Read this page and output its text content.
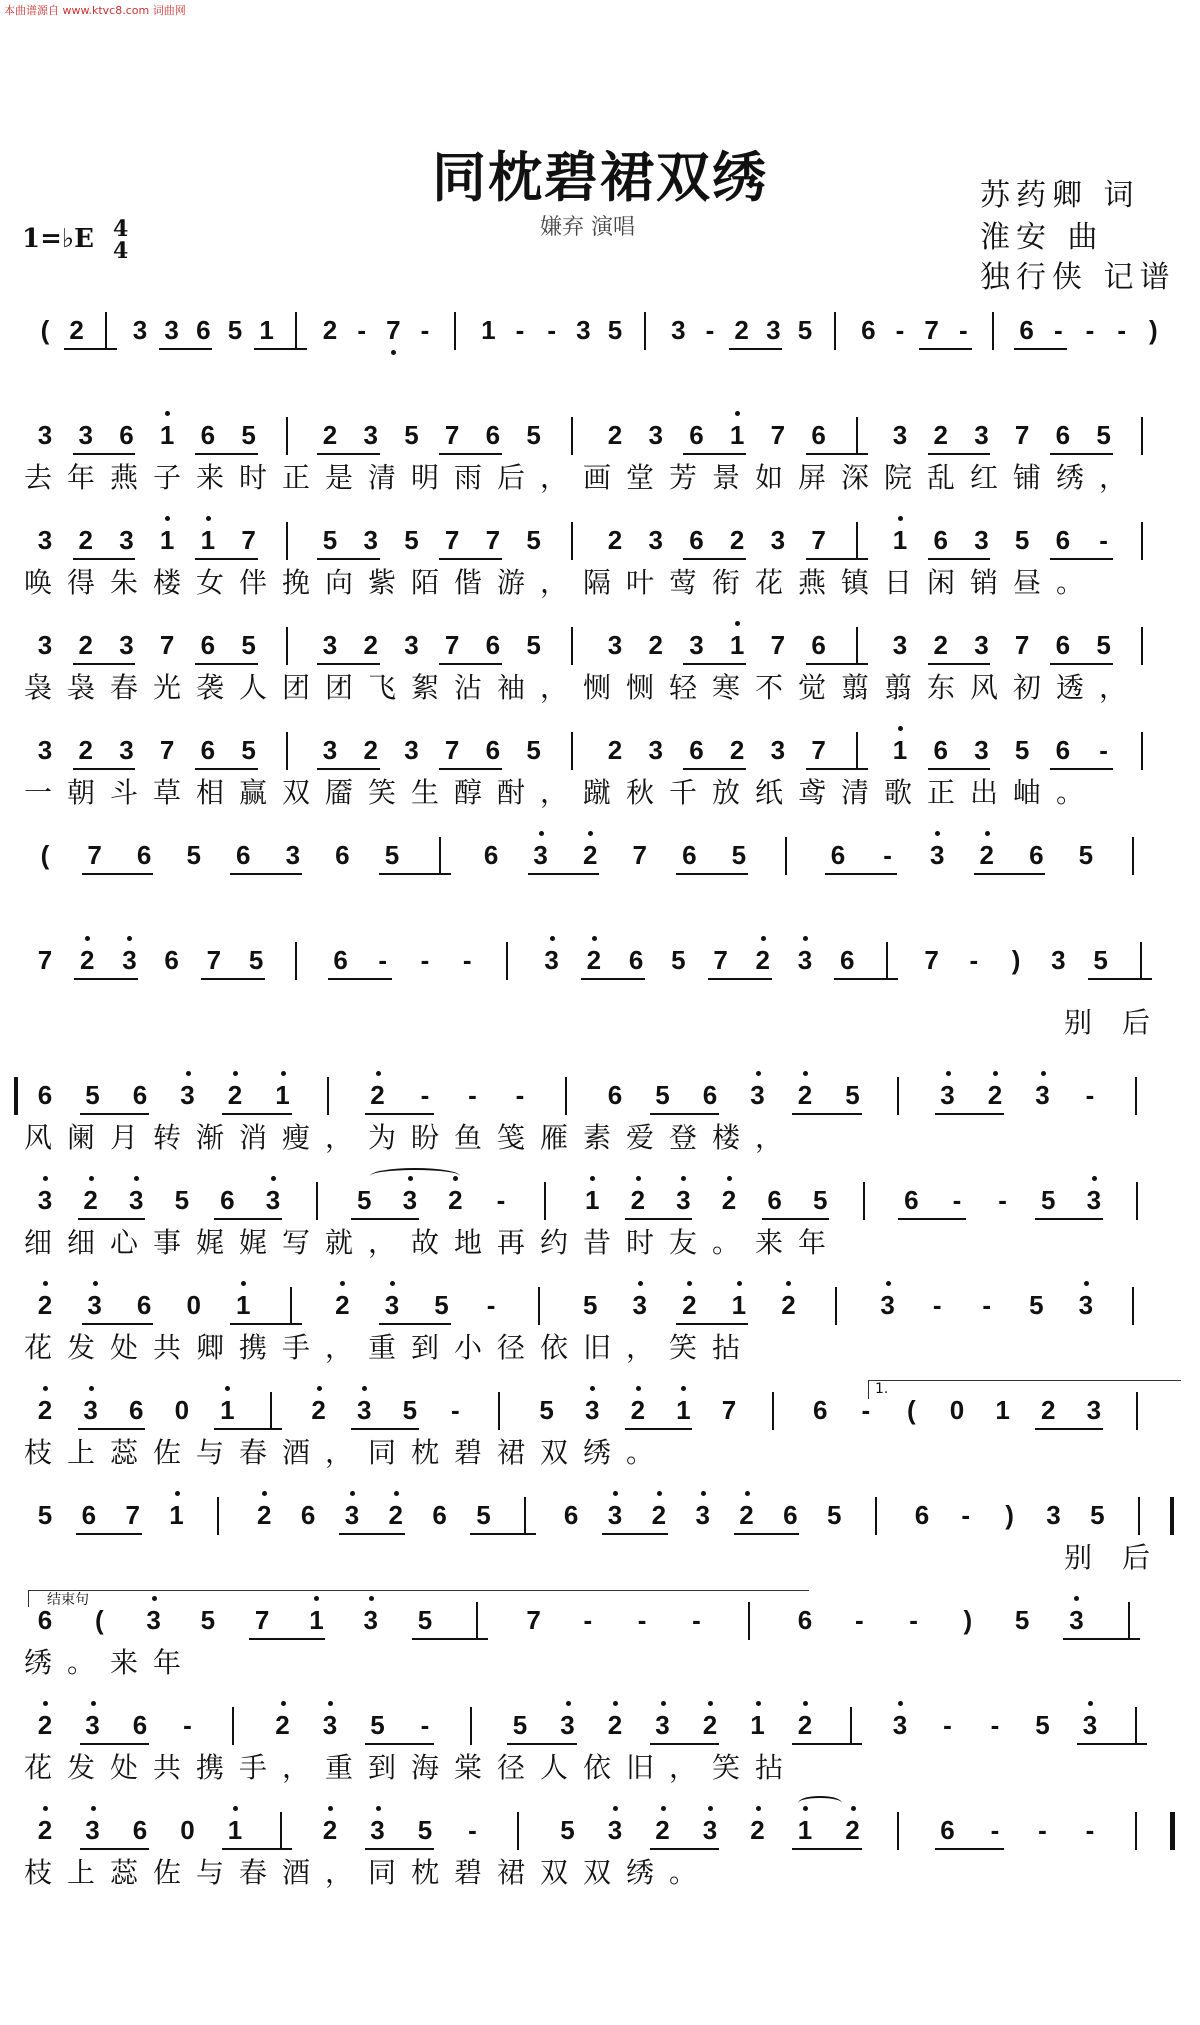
本曲谱源自 www.ktvc8.com 词曲网
同枕碧裙双绣
嫌弃 演唱
1=♭E 4
4
苏药卿 词
淮安 曲
独行侠 记谱
( 2 3 3 6 5 1 2 - 7 -	1 - - 3 5 3 - 2 3 5 6 - 7 -	6 - - - )
3 3 6 1 6 5	2 3 5 7 6 5	2 3 6 1 7 6	3 2 3 7 6 5
3 2 3 1 1 7	5 3 5 7 7 5	2 3 6 2 3 7	1 6 3 5 6	-
3 2 3 7 6 5	3 2 3 7 6 5	3 2 3 1 7 6	3 2 3 7 6 5
3 2 3 7 6 5	3 2 3 7 6 5	2 3 6 2 3 7	1 6 3 5 6	-
(	7 6 5 6 3 6 5	6 3 2 7 6 5	6	-	3 2 6 5
7 2 3 6 7 5	6	-	-	-	3 2 6 5 7 2 3 6	7	-	)	3 5
6 5 6 3 2 1	2	-	-	-	6 5 6 3 2 5	3 2 3	-
3 2 3 5 6 3	5 3 2	-	1 2 3 2 6 5	6	-	-	5 3
2 3 6 0 1	2 3 5	-	5 3 2 1 2	3	-	-	5 3
2 3 6 0 1	2 3 5	-	5 3 2 1 7	6	-	(	0 1 2 3
5 6 7 1	2 6 3 2 6 5	6 3 2 3 2 6 5	6	-	)	3 5
6	(	3 5 7 1 3 5	7	-	-	-	6	-	-	)	5 3
2 3 6	-	2 3 5	-	5 3 2 3 2 1 2	3	-	-	5 3
2 3 6 0 1	2 3 5	-	5 3 2 3 2 1 2	6	-	-	-
去 年 燕 子 来 时 正 是 清 明 雨 后 ， 画 堂 芳 景 如 屏 深 院 乱 红 铺 绣 ，
唤 得 朱 楼 女 伴 挽 向 紫 陌 偕 游 ， 隔 叶 莺 衔 花 燕 镇 日 闲 销 昼 。
袅 袅 春 光 袭 人 团 团 飞 絮 沾 袖 ， 恻 恻 轻 寒 不 觉 翦 翦 东 风 初 透 ，
一 朝 斗 草 相 赢 双 靥 笑 生 醇 酎 ， 蹴 秋 千 放 纸 鸢 清 歌 正 出 岫 。
别 后
风 阑 月 转 渐 消 瘦 ， 为 盼 鱼 笺 雁 素 爱 登 楼 ，
细 细 心 事 娓 娓 写 就 ， 故 地 再 约 昔 时 友 。 来 年
花 发 处 共 卿 携 手 ， 重 到 小 径 依 旧 ， 笑 拈
枝 上 蕊 佐 与 春 酒 ， 同 枕 碧 裙 双 绣 。
别 后
绣 。 来 年
花 发 处 共 携 手 ， 重 到 海 棠 径 人 依 旧 ， 笑 拈
枝 上 蕊 佐 与 春 酒 ， 同 枕 碧 裙 双 双 绣 。
1.
结束句
